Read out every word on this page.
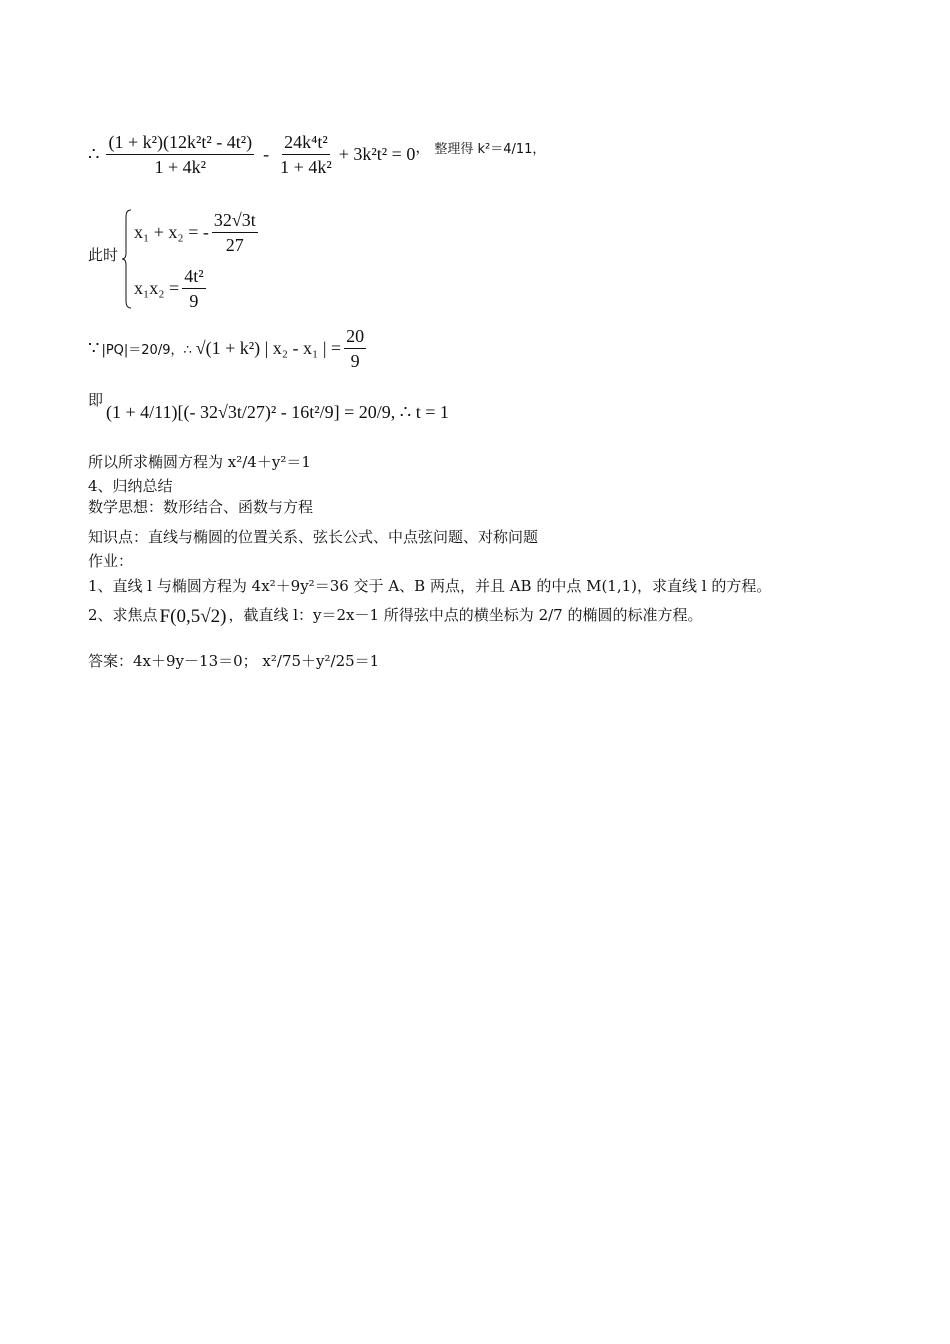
∴ $\frac{\text{(1 + k²)(12k²t² - 4t²)}}{\text{1 + 4k²}} - \frac{\text{24k⁴t²}}{\text{1 + 4k²}} + 3k^2t^2 = 0$ ， 整理得 k²＝4/11，
此时
x₁ + x₂ = - $\frac{32√3t}{27}$
$x_1x_2 = \frac{\text{4t²}}{9}$
∵ |PQ|＝20/9，∴ √(1 + k²) | x₂ - x₁ | = $\frac{20}{9}$
即
(1 + 4/11)[(- 32√3t/27)² - 16t²/9] = 20/9, ∴ t = 1
所以所求椭圆方程为 x²/4＋y²＝1
4、归纳总结
数学思想：数形结合、函数与方程
知识点：直线与椭圆的位置关系、弦长公式、中点弦问题、对称问题
作业：
1、直线 l 与椭圆方程为 4x²＋9y²＝36 交于 A、B 两点，并且 AB 的中点 M(1,1)，求直线 l 的方程。
2、求焦点 F(0,5√2) ，截直线 l：y＝2x－1 所得弦中点的横坐标为 2/7 的椭圆的标准方程。
答案：4x＋9y－13＝0； x²/75＋y²/25＝1
